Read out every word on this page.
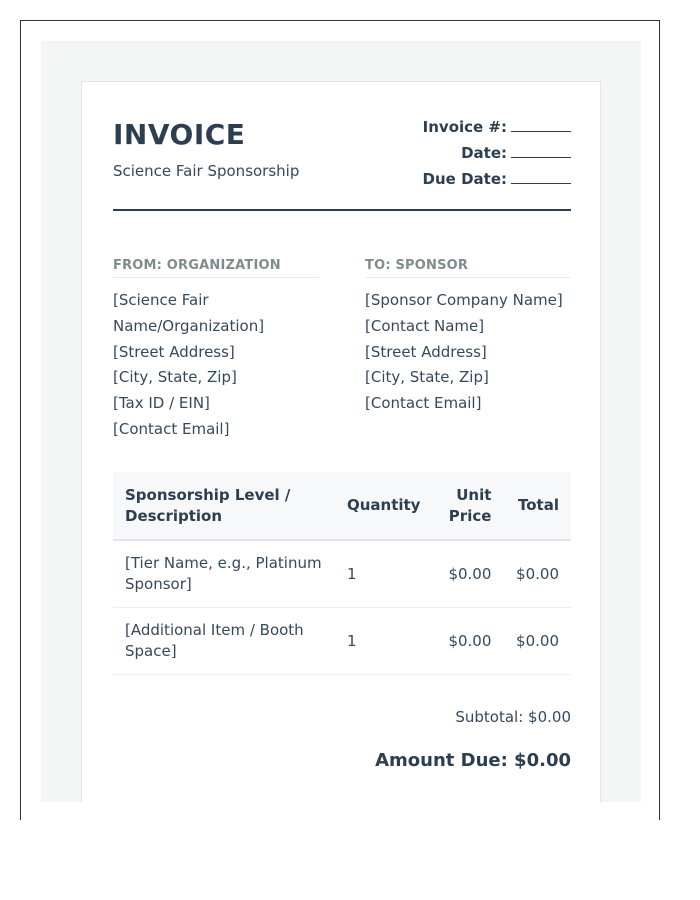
INVOICE
Science Fair Sponsorship
Invoice #:
Date:
Due Date:
FROM: ORGANIZATION
[Science Fair Name/Organization]
[Street Address]
[City, State, Zip]
[Tax ID / EIN]
[Contact Email]
TO: SPONSOR
[Sponsor Company Name]
[Contact Name]
[Street Address]
[City, State, Zip]
[Contact Email]
Sponsorship Level / Description	Quantity	Unit Price	Total
[Tier Name, e.g., Platinum Sponsor]	1	$0.00	$0.00
[Additional Item / Booth Space]	1	$0.00	$0.00
Subtotal: $0.00
Amount Due: $0.00
